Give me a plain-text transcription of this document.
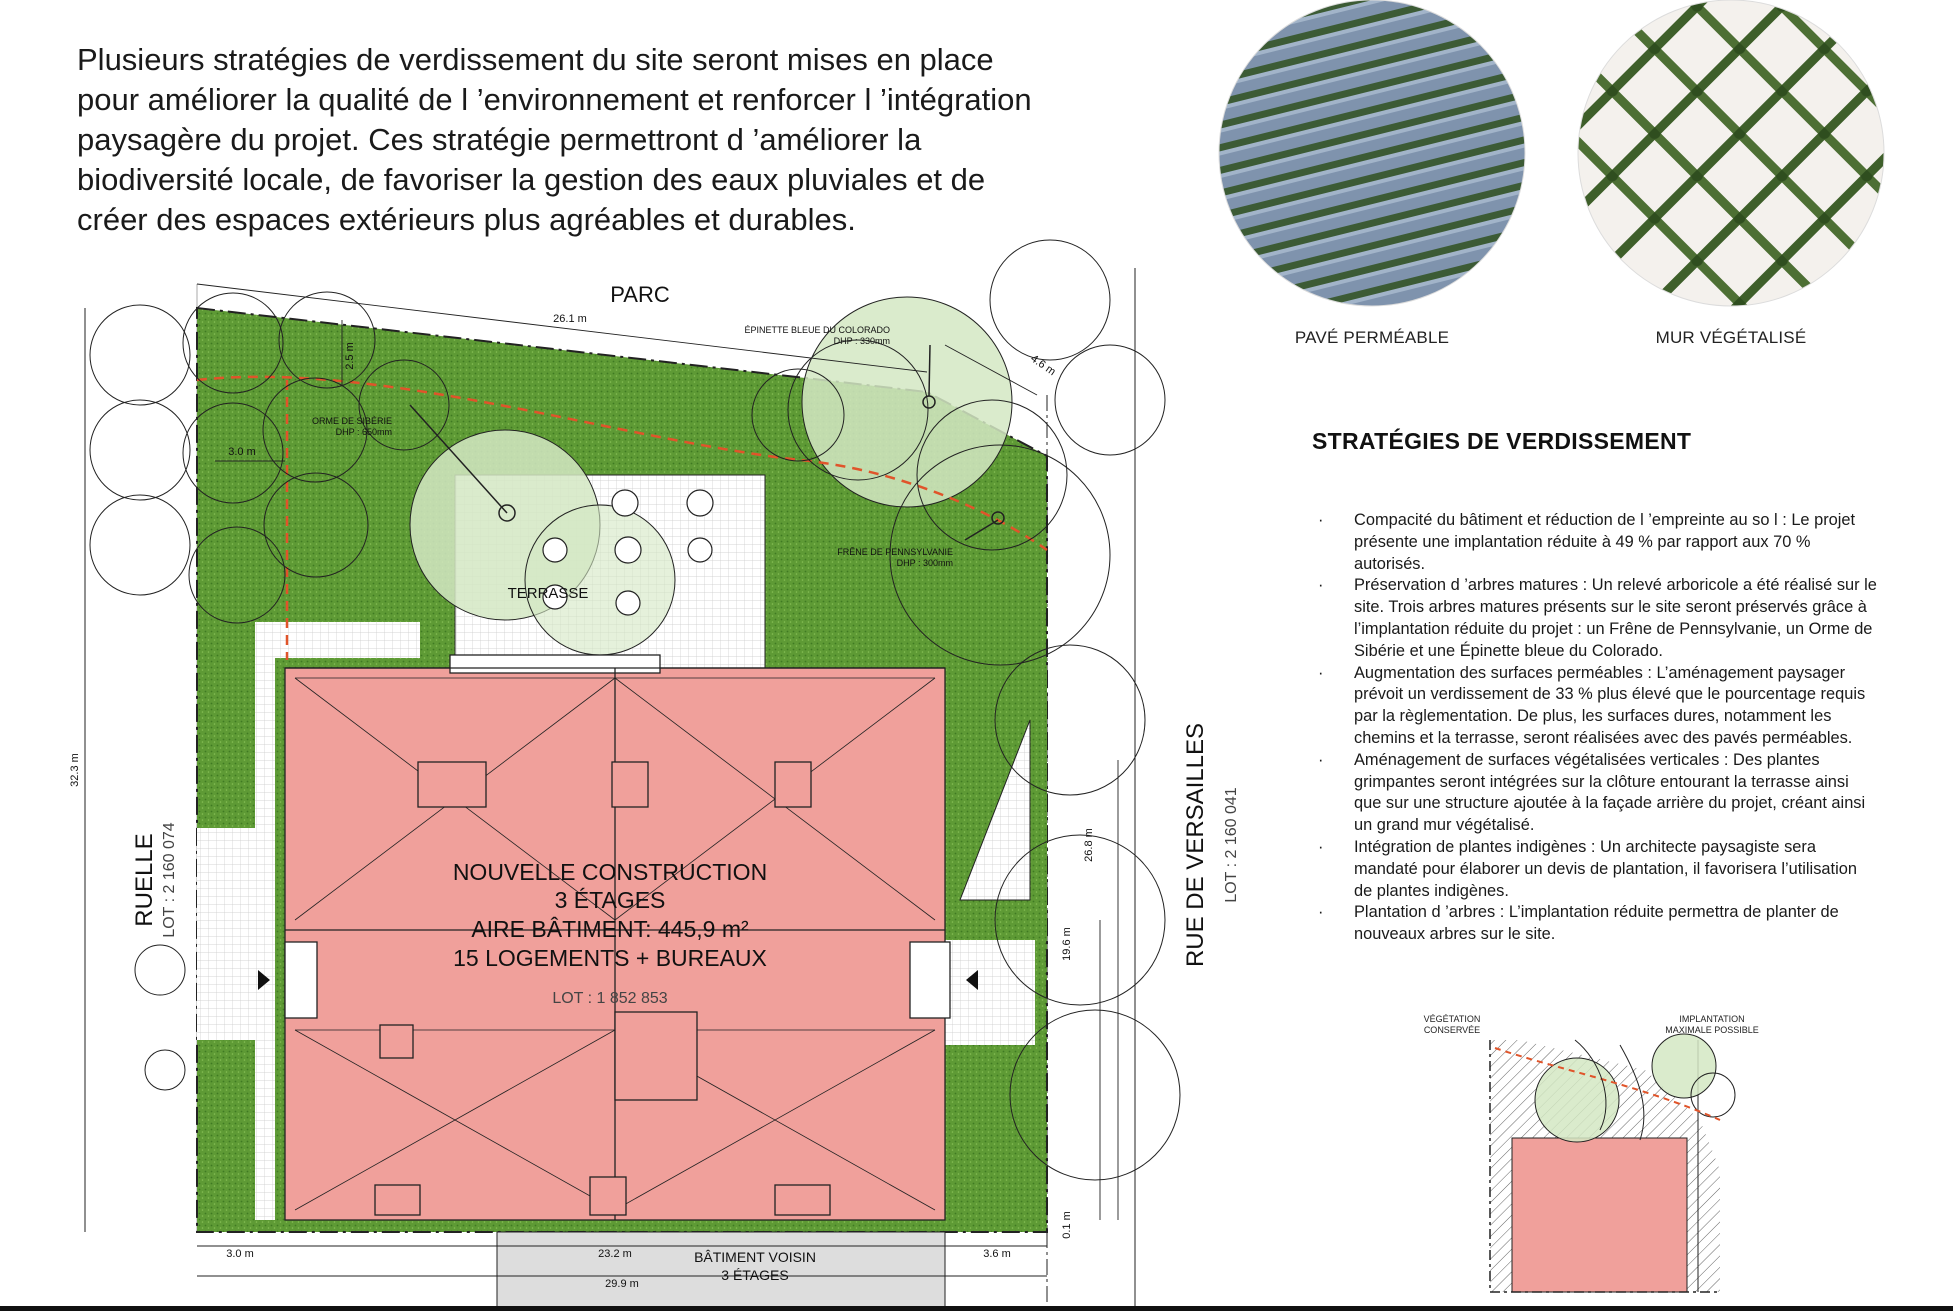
Plusieurs stratégies de verdissement du site seront mises en place
pour améliorer la qualité de l ’environnement et renforcer l ’intégration
paysagère du projet. Ces stratégie permettront d ’améliorer la
biodiversité locale, de favoriser la gestion des eaux pluviales et de
créer des espaces extérieurs plus agréables et durables.
PARC
TERRASSE
NOUVELLE CONSTRUCTION
3 ÉTAGES
AIRE BÂTIMENT: 445,9 m²
15 LOGEMENTS + BUREAUX
LOT : 1 852 853
BÂTIMENT VOISIN
3 ÉTAGES
ÉPINETTE BLEUE DU COLORADO
DHP : 330mm
ORME DE SIBÉRIE
DHP : 650mm
FRÊNE DE PENNSYLVANIE
DHP : 300mm
26.1 m
4.6 m
3.0 m
2.5 m
32.3 m
26.8 m
19.6 m
0.1 m
3.0 m	23.2 m	3.6 m
29.9 m
RUELLE LOT : 2 160 074	RUE DE VERSAILLES LOT : 2 160 041
VÉGÉTATION
CONSERVÉE
IMPLANTATION
MAXIMALE POSSIBLE
PAVÉ PERMÉABLE	MUR VÉGÉTALISÉ
STRATÉGIES DE VERDISSEMENT
· Compacité du bâtiment et réduction de l ’empreinte au so l : Le projet présente une implantation réduite à 49 % par rapport aux 70 % autorisés.
· Préservation d ’arbres matures : Un relevé arboricole a été réalisé sur le site. Trois arbres matures présents sur le site seront préservés grâce à l’implantation réduite du projet : un Frêne de Pennsylvanie, un Orme de Sibérie et une Épinette bleue du Colorado.
· Augmentation des surfaces perméables : L’aménagement paysager prévoit un verdissement de 33 % plus élevé que le pourcentage requis par la règlementation. De plus, les surfaces dures, notamment les chemins et la terrasse, seront réalisées avec des pavés perméables.
· Aménagement de surfaces végétalisées verticales : Des plantes grimpantes seront intégrées sur la clôture entourant la terrasse ainsi que sur une structure ajoutée à la façade arrière du projet, créant ainsi un grand mur végétalisé.
· Intégration de plantes indigènes : Un architecte paysagiste sera mandaté pour élaborer un devis de plantation, il favorisera l’utilisation de plantes indigènes.
· Plantation d ’arbres : L’implantation réduite permettra de planter de nouveaux arbres sur le site.
